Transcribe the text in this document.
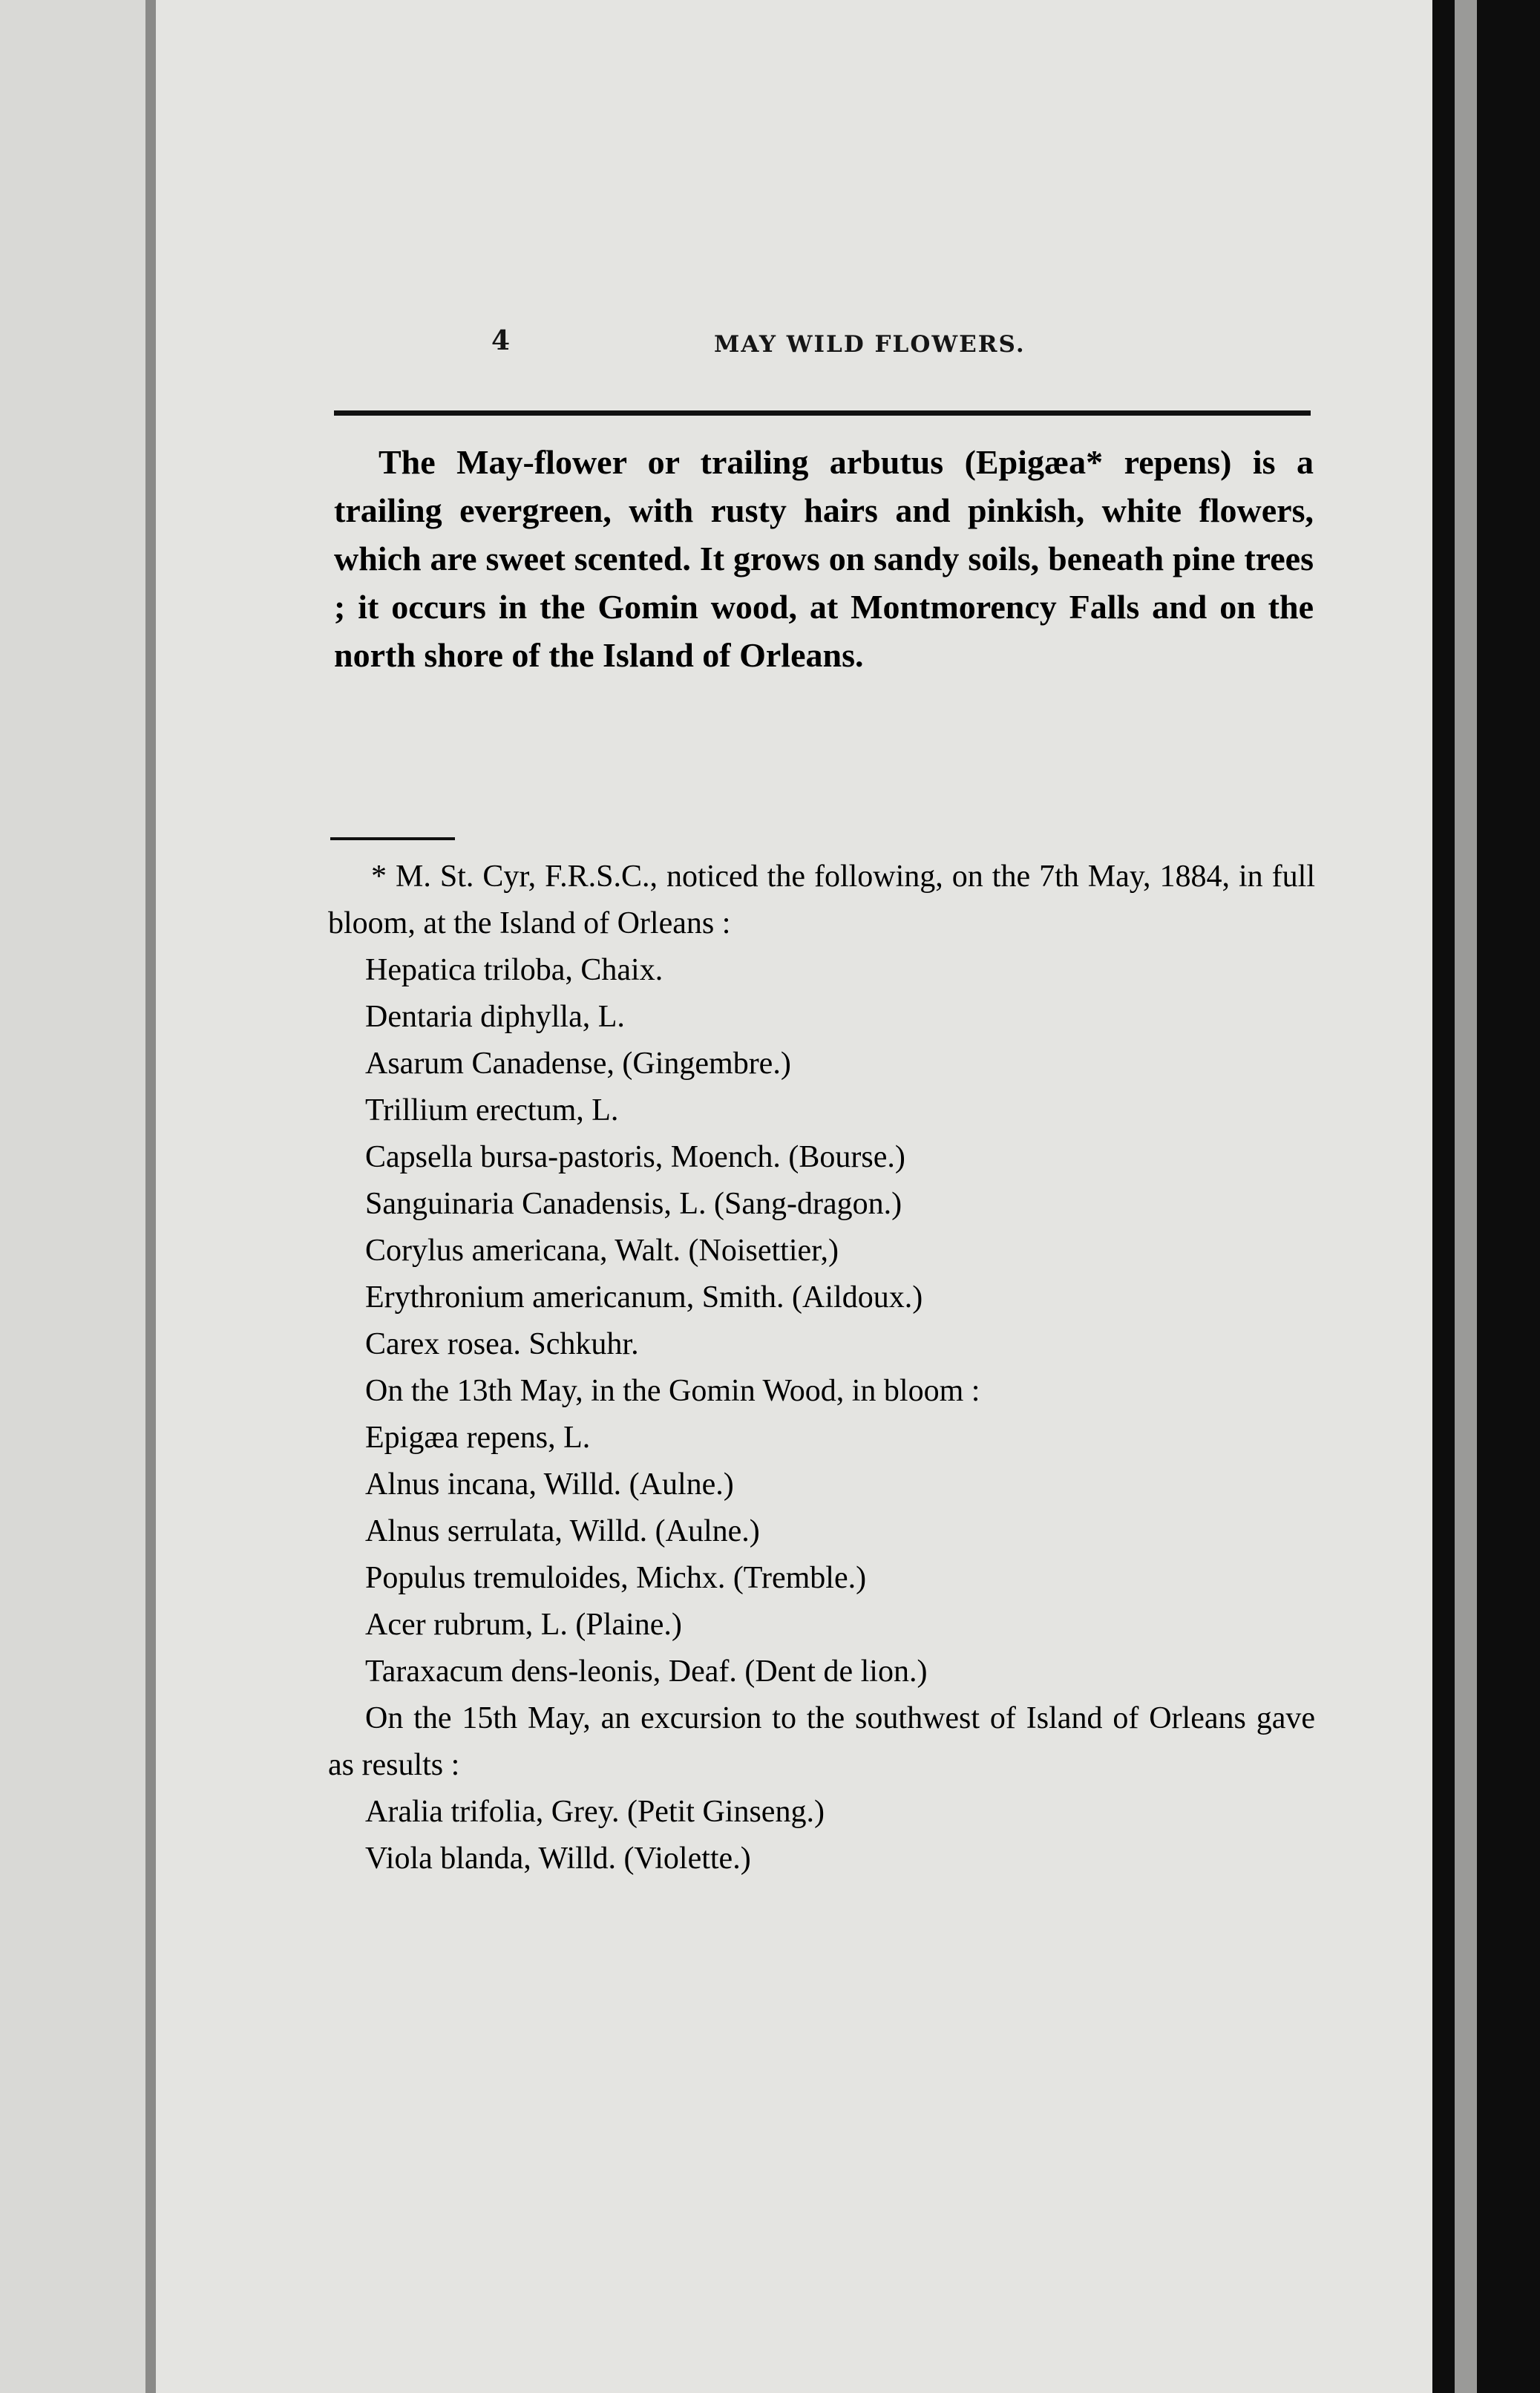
4	MAY WILD FLOWERS.

The May-flower or trailing arbutus (Epigæa* repens) is a trailing evergreen, with rusty hairs and pinkish, white flowers, which are sweet scented. It grows on sandy soils, beneath pine trees ; it occurs in the Gomin wood, at Montmorency Falls and on the north shore of the Island of Orleans.

* M. St. Cyr, F.R.S.C., noticed the following, on the 7th May, 1884, in full bloom, at the Island of Orleans :

Hepatica triloba, Chaix.

Dentaria diphylla, L.

Asarum Canadense, (Gingembre.)

Trillium erectum, L.

Capsella bursa-pastoris, Moench. (Bourse.)

Sanguinaria Canadensis, L. (Sang-dragon.)

Corylus americana, Walt. (Noisettier,)

Erythronium americanum, Smith. (Aildoux.)

Carex rosea. Schkuhr.

On the 13th May, in the Gomin Wood, in bloom :

Epigæa repens, L.

Alnus incana, Willd. (Aulne.)

Alnus serrulata, Willd. (Aulne.)

Populus tremuloides, Michx. (Tremble.)

Acer rubrum, L. (Plaine.)

Taraxacum dens-leonis, Deaf. (Dent de lion.)

On the 15th May, an excursion to the southwest of Island of Orleans gave as results :

Aralia trifolia, Grey. (Petit Ginseng.)

Viola blanda, Willd. (Violette.)
